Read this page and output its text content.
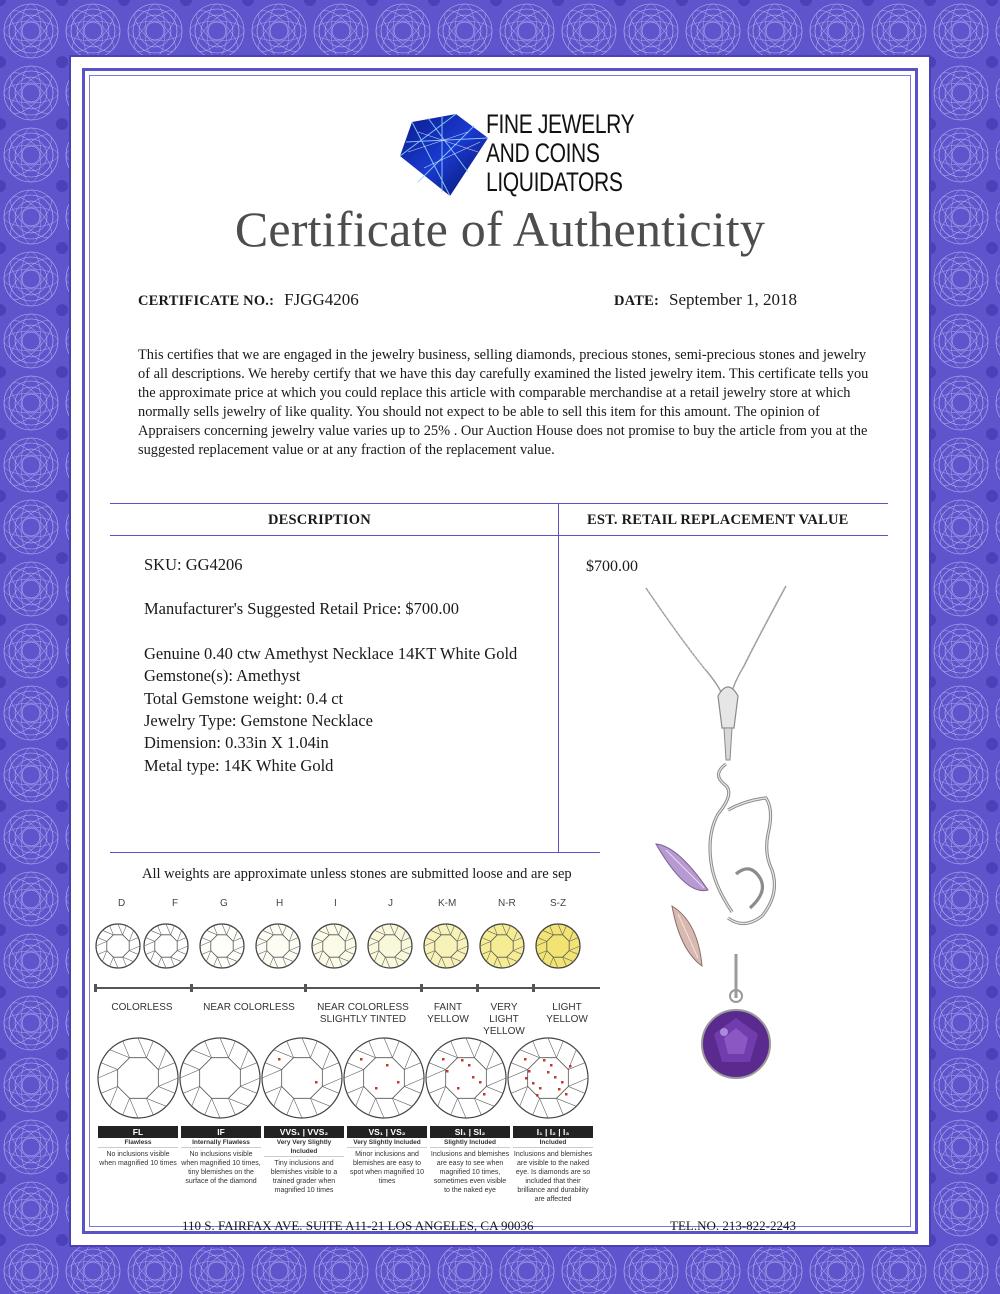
FINE JEWELRY
AND COINS
LIQUIDATORS
Certificate of Authenticity
CERTIFICATE NO.: FJGG4206	DATE: September 1, 2018

This certifies that we are engaged in the jewelry business, selling diamonds, precious stones, semi-precious stones and jewelry of all descriptions. We hereby certify that we have this day carefully examined the listed jewelry item. This certificate tells you the approximate price at which you could replace this article with comparable merchandise at a retail jewelry store at which normally sells jewelry of like quality. You should not expect to be able to sell this item for this amount. The opinion of Appraisers concerning jewelry value varies up to 25% . Our Auction House does not promise to buy the article from you at the suggested replacement value or at any fraction of the replacement value.

DESCRIPTION	EST. RETAIL REPLACEMENT VALUE
SKU: GG4206
Manufacturer's Suggested Retail Price: $700.00
Genuine 0.40 ctw Amethyst Necklace 14KT White Gold
Gemstone(s): Amethyst
Total Gemstone weight: 0.4 ct
Jewelry Type: Gemstone Necklace
Dimension: 0.33in X 1.04in
Metal type: 14K White Gold
$700.00
All weights are approximate unless stones are submitted loose and are sep
D	F	G	H	I	J	K-M	N-R	S-Z
COLORLESS	NEAR COLORLESS	NEAR COLORLESS
SLIGHTLY TINTED
FAINT
YELLOW
VERY LIGHT
YELLOW
LIGHT
YELLOW
FL
Flawless
No inclusions visible when magnified 10 times
IF
Internally Flawless
No inclusions visible when magnified 10 times, tiny blemishes on the surface of the diamond
VVS₁ | VVS₂
Very Very Slightly Included
Tiny inclusions and blemishes visible to a trained grader when magnified 10 times
VS₁ | VS₂
Very Slightly Included
Minor inclusions and blemishes are easy to spot when magnified 10 times
SI₁ | SI₂
Slightly Included
Inclusions and blemishes are easy to see when magnified 10 times, sometimes even visible to the naked eye
I₁ | I₂ | I₃
Included
Inclusions and blemishes are visible to the naked eye. Is diamonds are so included that their brilliance and durability are affected
110 S. FAIRFAX AVE. SUITE A11-21 LOS ANGELES, CA 90036	TEL.NO. 213-822-2243
